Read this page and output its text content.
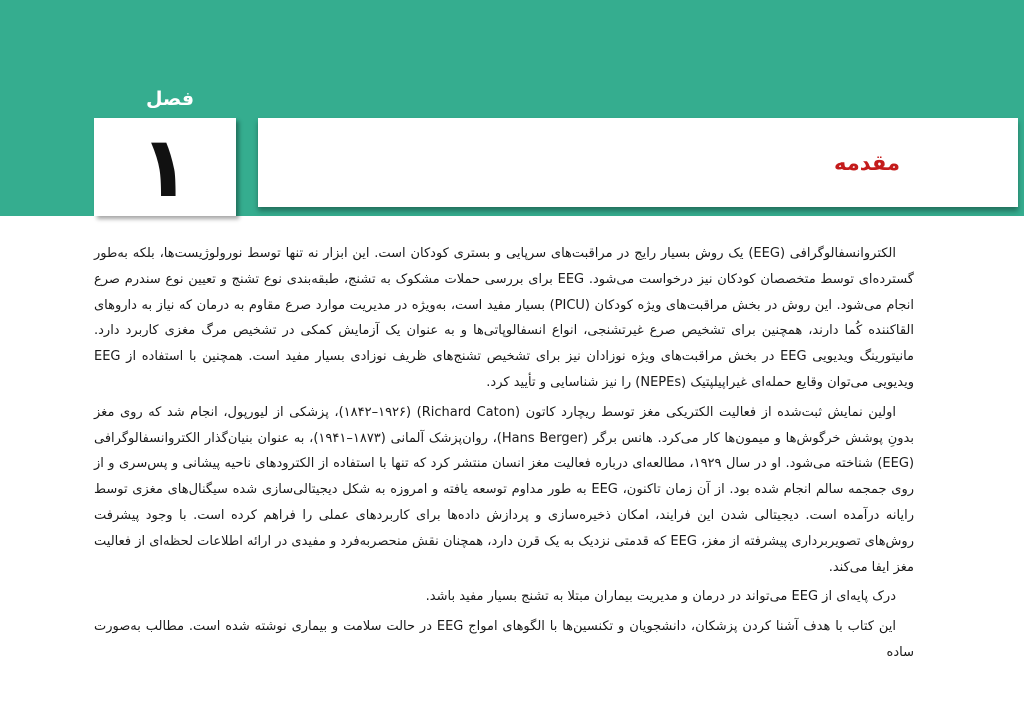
فصل
۱	مقدمه

الکتروانسفالوگرافی (EEG) یک روش بسیار رایج در مراقبت‌های سرپایی و بستری کودکان است. این ابزار نه تنها توسط نورولوژیست‌ها، بلکه به‌طور گسترده‌ای توسط متخصصان کودکان نیز درخواست می‌شود. EEG برای بررسی حملات مشکوک به تشنج، طبقه‌بندی نوع تشنج و تعیین نوع سندرم صرع انجام می‌شود. این روش در بخش مراقبت‌های ویژه کودکان (PICU) بسیار مفید است، به‌ویژه در مدیریت موارد صرع مقاوم به درمان که نیاز به داروهای القاکننده کُما دارند، همچنین برای تشخیص صرع غیرتشنجی، انواع انسفالوپاتی‌ها و به عنوان یک آزمایش کمکی در تشخیص مرگ مغزی کاربرد دارد. مانیتورینگ ویدیویی EEG در بخش مراقبت‌های ویژه نوزادان نیز برای تشخیص تشنج‌های ظریف نوزادی بسیار مفید است. همچنین با استفاده از EEG ویدیویی می‌توان وقایع حمله‌ای غیراپیلپتیک (NEPEs) را نیز شناسایی و تأیید کرد.

اولین نمایش ثبت‌شده از فعالیت الکتریکی مغز توسط ریچارد کاتون (Richard Caton) (۱۸۴۲–۱۹۲۶)، پزشکی از لیورپول، انجام شد که روی مغز بدونِ پوشش خرگوش‌ها و میمون‌ها کار می‌کرد. هانس برگر (Hans Berger)، روان‌پزشک آلمانی (۱۸۷۳–۱۹۴۱)، به عنوان بنیان‌گذار الکتروانسفالوگرافی (EEG) شناخته می‌شود. او در سال ۱۹۲۹، مطالعه‌ای درباره فعالیت مغز انسان منتشر کرد که تنها با استفاده از الکترودهای ناحیه پیشانی و پس‌سری و از روی جمجمه سالم انجام شده بود. از آن زمان تاکنون، EEG به طور مداوم توسعه یافته و امروزه به شکل دیجیتالی‌سازی شده سیگنال‌های مغزی توسط رایانه درآمده است. دیجیتالی شدن این فرایند، امکان ذخیره‌سازی و پردازش داده‌ها برای کاربردهای عملی را فراهم کرده است. با وجود پیشرفت روش‌های تصویربرداری پیشرفته از مغز، EEG که قدمتی نزدیک به یک قرن دارد، همچنان نقش منحصربه‌فرد و مفیدی در ارائه اطلاعات لحظه‌ای از فعالیت مغز ایفا می‌کند.

درک پایه‌ای از EEG می‌تواند در درمان و مدیریت بیماران مبتلا به تشنج بسیار مفید باشد.

این کتاب با هدف آشنا کردن پزشکان، دانشجویان و تکنسین‌ها با الگوهای امواج EEG در حالت سلامت و بیماری نوشته شده است. مطالب به‌صورت ساده
